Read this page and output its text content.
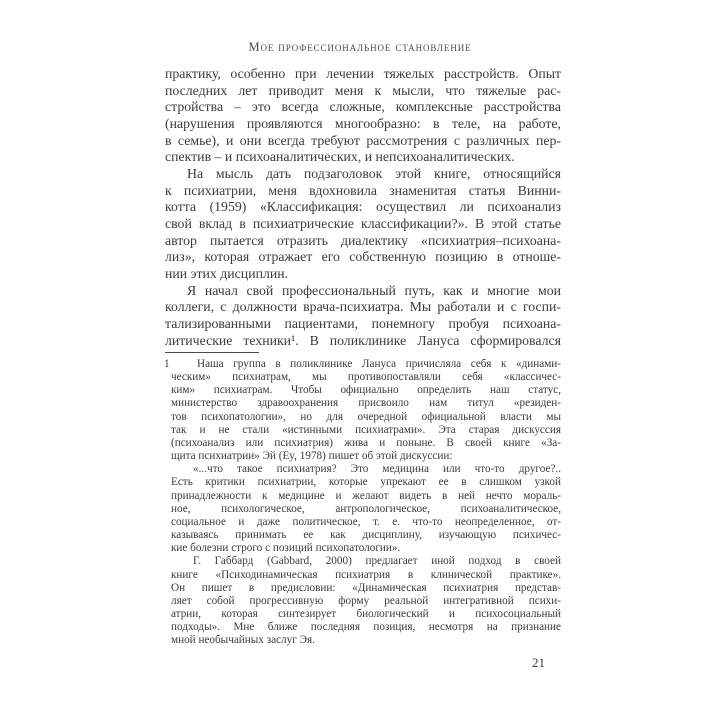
Мое профессиональное становление
практику, особенно при лечении тяжелых расстройств. Опыт
последних лет приводит меня к мысли, что тяжелые рас-
стройства – это всегда сложные, комплексные расстройства
(нарушения проявляются многообразно: в теле, на работе,
в семье), и они всегда требуют рассмотрения с различных пер-
спектив – и психоаналитических, и непсихоаналитических.
На мысль дать подзаголовок этой книге, относящийся
к психиатрии, меня вдохновила знаменитая статья Винни-
котта (1959) «Классификация: осуществил ли психоанализ
свой вклад в психиатрические классификации?». В этой статье
автор пытается отразить диалектику «психиатрия–психоана-
лиз», которая отражает его собственную позицию в отноше-
нии этих дисциплин.
Я начал свой профессиональный путь, как и многие мои
коллеги, с должности врача-психиатра. Мы работали и с госпи-
тализированными пациентами, понемногу пробуя психоана-
литические техники¹. В поликлинике Лануса сформировался
1	Наша группа в поликлинике Лануса причисляла себя к «динами-
ческим» психиатрам, мы противопоставляли себя «классичес-
ким» психиатрам. Чтобы официально определить наш статус,
министерство здравоохранения присвоило нам титул «резиден-
тов психопатологии», но для очередной официальной власти мы
так и не стали «истинными психиатрами». Эта старая дискуссия
(психоанализ или психиатрия) жива и поныне. В своей книге «За-
щита психиатрии» Эй (Ey, 1978) пишет об этой дискуссии:
«...что такое психиатрия? Это медицина или что-то другое?..
Есть критики психиатрии, которые упрекают ее в слишком узкой
принадлежности к медицине и желают видеть в ней нечто мораль-
ное, психологическое, антропологическое, психоаналитическое,
социальное и даже политическое, т. е. что-то неопределенное, от-
казываясь принимать ее как дисциплину, изучающую психичес-
кие болезни строго с позиций психопатологии».
Г. Габбард (Gabbard, 2000) предлагает иной подход в своей
книге «Психодинамическая психиатрия в клинической практике».
Он пишет в предисловии: «Динамическая психиатрия представ-
ляет собой прогрессивную форму реальной интегративной психи-
атрии, которая синтезирует биологический и психосоциальный
подходы». Мне ближе последняя позиция, несмотря на признание
мной необычайных заслуг Эя.
21
